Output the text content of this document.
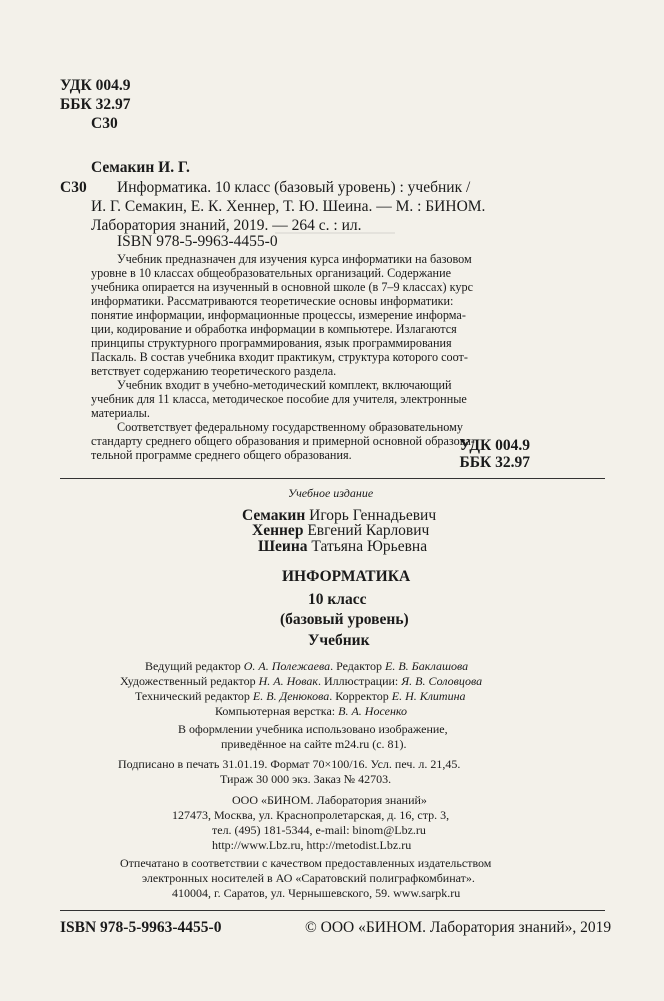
УДК 004.9
ББК 32.97
С30
Семакин И. Г.
С30 Информатика. 10 класс (базовый уровень) : учебник /
И. Г. Семакин, Е. К. Хеннер, Т. Ю. Шеина. — М. : БИНОМ.
Лаборатория знаний, 2019. — 264 с. : ил.
ISBN 978-5-9963-4455-0
Учебник предназначен для изучения курса информатики на базовом
уровне в 10 классах общеобразовательных организаций. Содержание
учебника опирается на изученный в основной школе (в 7–9 классах) курс
информатики. Рассматриваются теоретические основы информатики:
понятие информации, информационные процессы, измерение информа-
ции, кодирование и обработка информации в компьютере. Излагаются
принципы структурного программирования, язык программирования
Паскаль. В состав учебника входит практикум, структура которого соот-
ветствует содержанию теоретического раздела.
Учебник входит в учебно-методический комплект, включающий
учебник для 11 класса, методическое пособие для учителя, электронные
материалы.
Соответствует федеральному государственному образовательному
стандарту среднего общего образования и примерной основной образова-
тельной программе среднего общего образования.
УДК 004.9
ББК 32.97
Учебное издание
Семакин Игорь Геннадьевич
Хеннер Евгений Карлович
Шеина Татьяна Юрьевна
ИНФОРМАТИКА
10 класс
(базовый уровень)
Учебник
Ведущий редактор О. А. Полежаева. Редактор Е. В. Баклашова
Художественный редактор Н. А. Новак. Иллюстрации: Я. В. Соловцова
Технический редактор Е. В. Денюкова. Корректор Е. Н. Клитина
Компьютерная верстка: В. А. Носенко
В оформлении учебника использовано изображение,
приведённое на сайте m24.ru (с. 81).
Подписано в печать 31.01.19. Формат 70×100/16. Усл. печ. л. 21,45.
Тираж 30 000 экз. Заказ № 42703.
ООО «БИНОМ. Лаборатория знаний»
127473, Москва, ул. Краснопролетарская, д. 16, стр. 3,
тел. (495) 181-5344, e-mail: binom@Lbz.ru
http://www.Lbz.ru, http://metodist.Lbz.ru
Отпечатано в соответствии с качеством предоставленных издательством
электронных носителей в АО «Саратовский полиграфкомбинат».
410004, г. Саратов, ул. Чернышевского, 59. www.sarpk.ru
ISBN 978-5-9963-4455-0	© ООО «БИНОМ. Лаборатория знаний», 2019
